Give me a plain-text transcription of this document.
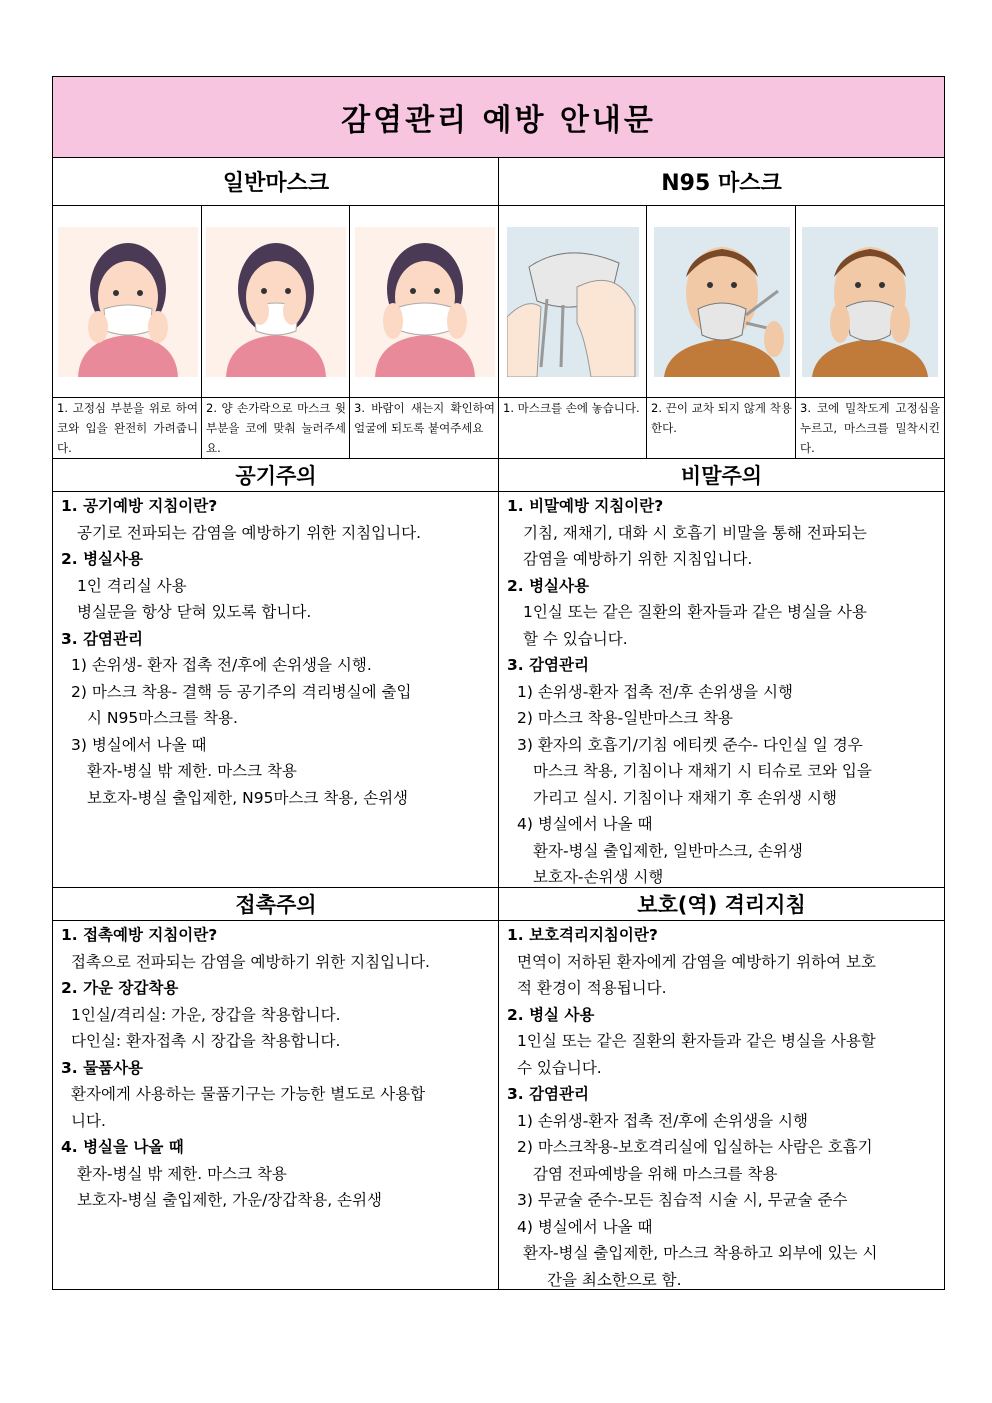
감염관리 예방 안내문
일반마스크	N95 마스크
1. 고정심 부분을 위로 하여 코와 입을 완전히 가려줍니다.
2. 양 손가락으로 마스크 윗부분을 코에 맞춰 눌러주세요.
3. 바람이 새는지 확인하여 얼굴에 되도록 붙여주세요
1. 마스크를 손에 놓습니다. 2. 끈이 교차 되지 않게 착용한다.
3. 코에 밀착도게 고정심을 누르고, 마스크를 밀착시킨다.
공기주의	비말주의
1. 공기예방 지침이란?
공기로 전파되는 감염을 예방하기 위한 지침입니다.
2. 병실사용
1인 격리실 사용
병실문을 항상 닫혀 있도록 합니다.
3. 감염관리
1) 손위생- 환자 접촉 전/후에 손위생을 시행.
2) 마스크 착용- 결핵 등 공기주의 격리병실에 출입
시 N95마스크를 착용.
3) 병실에서 나올 때
환자-병실 밖 제한. 마스크 착용
보호자-병실 출입제한, N95마스크 착용, 손위생
1. 비말예방 지침이란?
기침, 재채기, 대화 시 호흡기 비말을 통해 전파되는
감염을 예방하기 위한 지침입니다.
2. 병실사용
1인실 또는 같은 질환의 환자들과 같은 병실을 사용
할 수 있습니다.
3. 감염관리
1) 손위생-환자 접촉 전/후 손위생을 시행
2) 마스크 착용-일반마스크 착용
3) 환자의 호흡기/기침 에티켓 준수- 다인실 일 경우
마스크 착용, 기침이나 재채기 시 티슈로 코와 입을
가리고 실시. 기침이나 재채기 후 손위생 시행
4) 병실에서 나올 때
환자-병실 출입제한, 일반마스크, 손위생
보호자-손위생 시행
접촉주의	보호(역) 격리지침
1. 접촉예방 지침이란?
접촉으로 전파되는 감염을 예방하기 위한 지침입니다.
2. 가운 장갑착용
1인실/격리실: 가운, 장갑을 착용합니다.
다인실: 환자접촉 시 장갑을 착용합니다.
3. 물품사용
환자에게 사용하는 물품기구는 가능한 별도로 사용합
니다.
4. 병실을 나올 때
환자-병실 밖 제한. 마스크 착용
보호자-병실 출입제한, 가운/장갑착용, 손위생
1. 보호격리지침이란?
면역이 저하된 환자에게 감염을 예방하기 위하여 보호
적 환경이 적용됩니다.
2. 병실 사용
1인실 또는 같은 질환의 환자들과 같은 병실을 사용할
수 있습니다.
3. 감염관리
1) 손위생-환자 접촉 전/후에 손위생을 시행
2) 마스크착용-보호격리실에 입실하는 사람은 호흡기
감염 전파예방을 위해 마스크를 착용
3) 무균술 준수-모든 침습적 시술 시, 무균술 준수
4) 병실에서 나올 때
환자-병실 출입제한, 마스크 착용하고 외부에 있는 시
간을 최소한으로 함.
